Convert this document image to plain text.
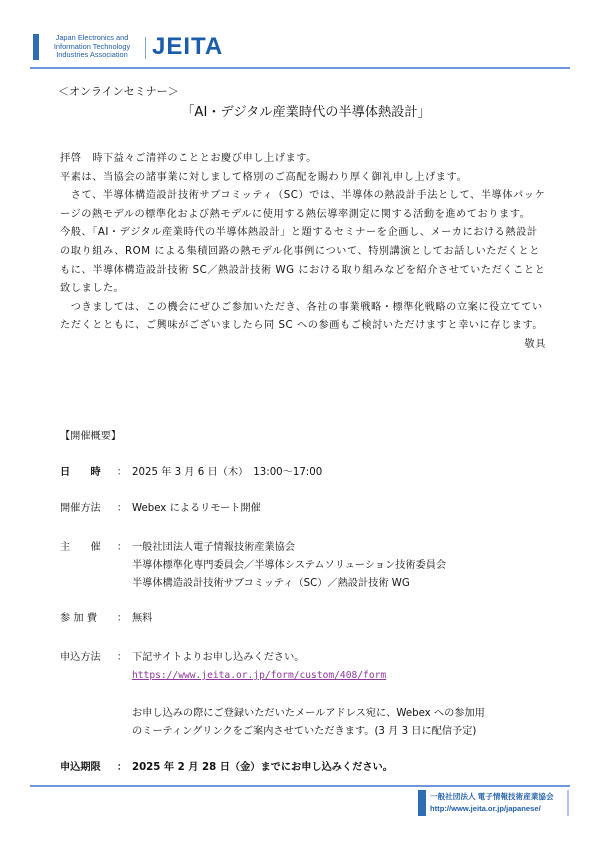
Japan Electronics and
Information Technology
Industries Association	JEITA
＜オンラインセミナー＞
「AI・デジタル産業時代の半導体熱設計」

拝啓　時下益々ご清祥のこととお慶び申し上げます。

平素は、当協会の諸事業に対しまして格別のご高配を賜わり厚く御礼申し上げます。

　さて、半導体構造設計技術サブコミッティ（SC）では、半導体の熱設計手法として、半導体パッケージの熱モデルの標準化および熱モデルに使用する熱伝導率測定に関する活動を進めております。

今般、「AI・デジタル産業時代の半導体熱設計」と題するセミナーを企画し、メーカにおける熱設計の取り組み、ROM による集積回路の熱モデル化事例について、特別講演としてお話しいただくとともに、半導体構造設計技術 SC／熱設計技術 WG における取り組みなどを紹介させていただくことと致しました。

　つきましては、この機会にぜひご参加いただき、各社の事業戦略・標準化戦略の立案に役立てていただくとともに、ご興味がございましたら同 SC への参画もご検討いただけますと幸いに存じます。

敬具

【開催概要】
日　　時 ： 2025 年 3 月 6 日（木）　13:00～17:00
開催方法 ： Webex によるリモート開催
主　　催 ： 一般社団法人電子情報技術産業協会
半導体標準化専門委員会／半導体システムソリューション技術委員会
半導体構造設計技術サブコミッティ（SC）／熱設計技術 WG
参 加 費 ： 無料
申込方法 ： 下記サイトよりお申し込みください。
https://www.jeita.or.jp/form/custom/408/form
お申し込みの際にご登録いただいたメールアドレス宛に、Webex への参加用
のミーティングリンクをご案内させていただきます。(3 月 3 日に配信予定)
申込期限 ： 2025 年 2 月 28 日（金）までにお申し込みください。
一般社団法人 電子情報技術産業協会
http://www.jeita.or.jp/japanese/
